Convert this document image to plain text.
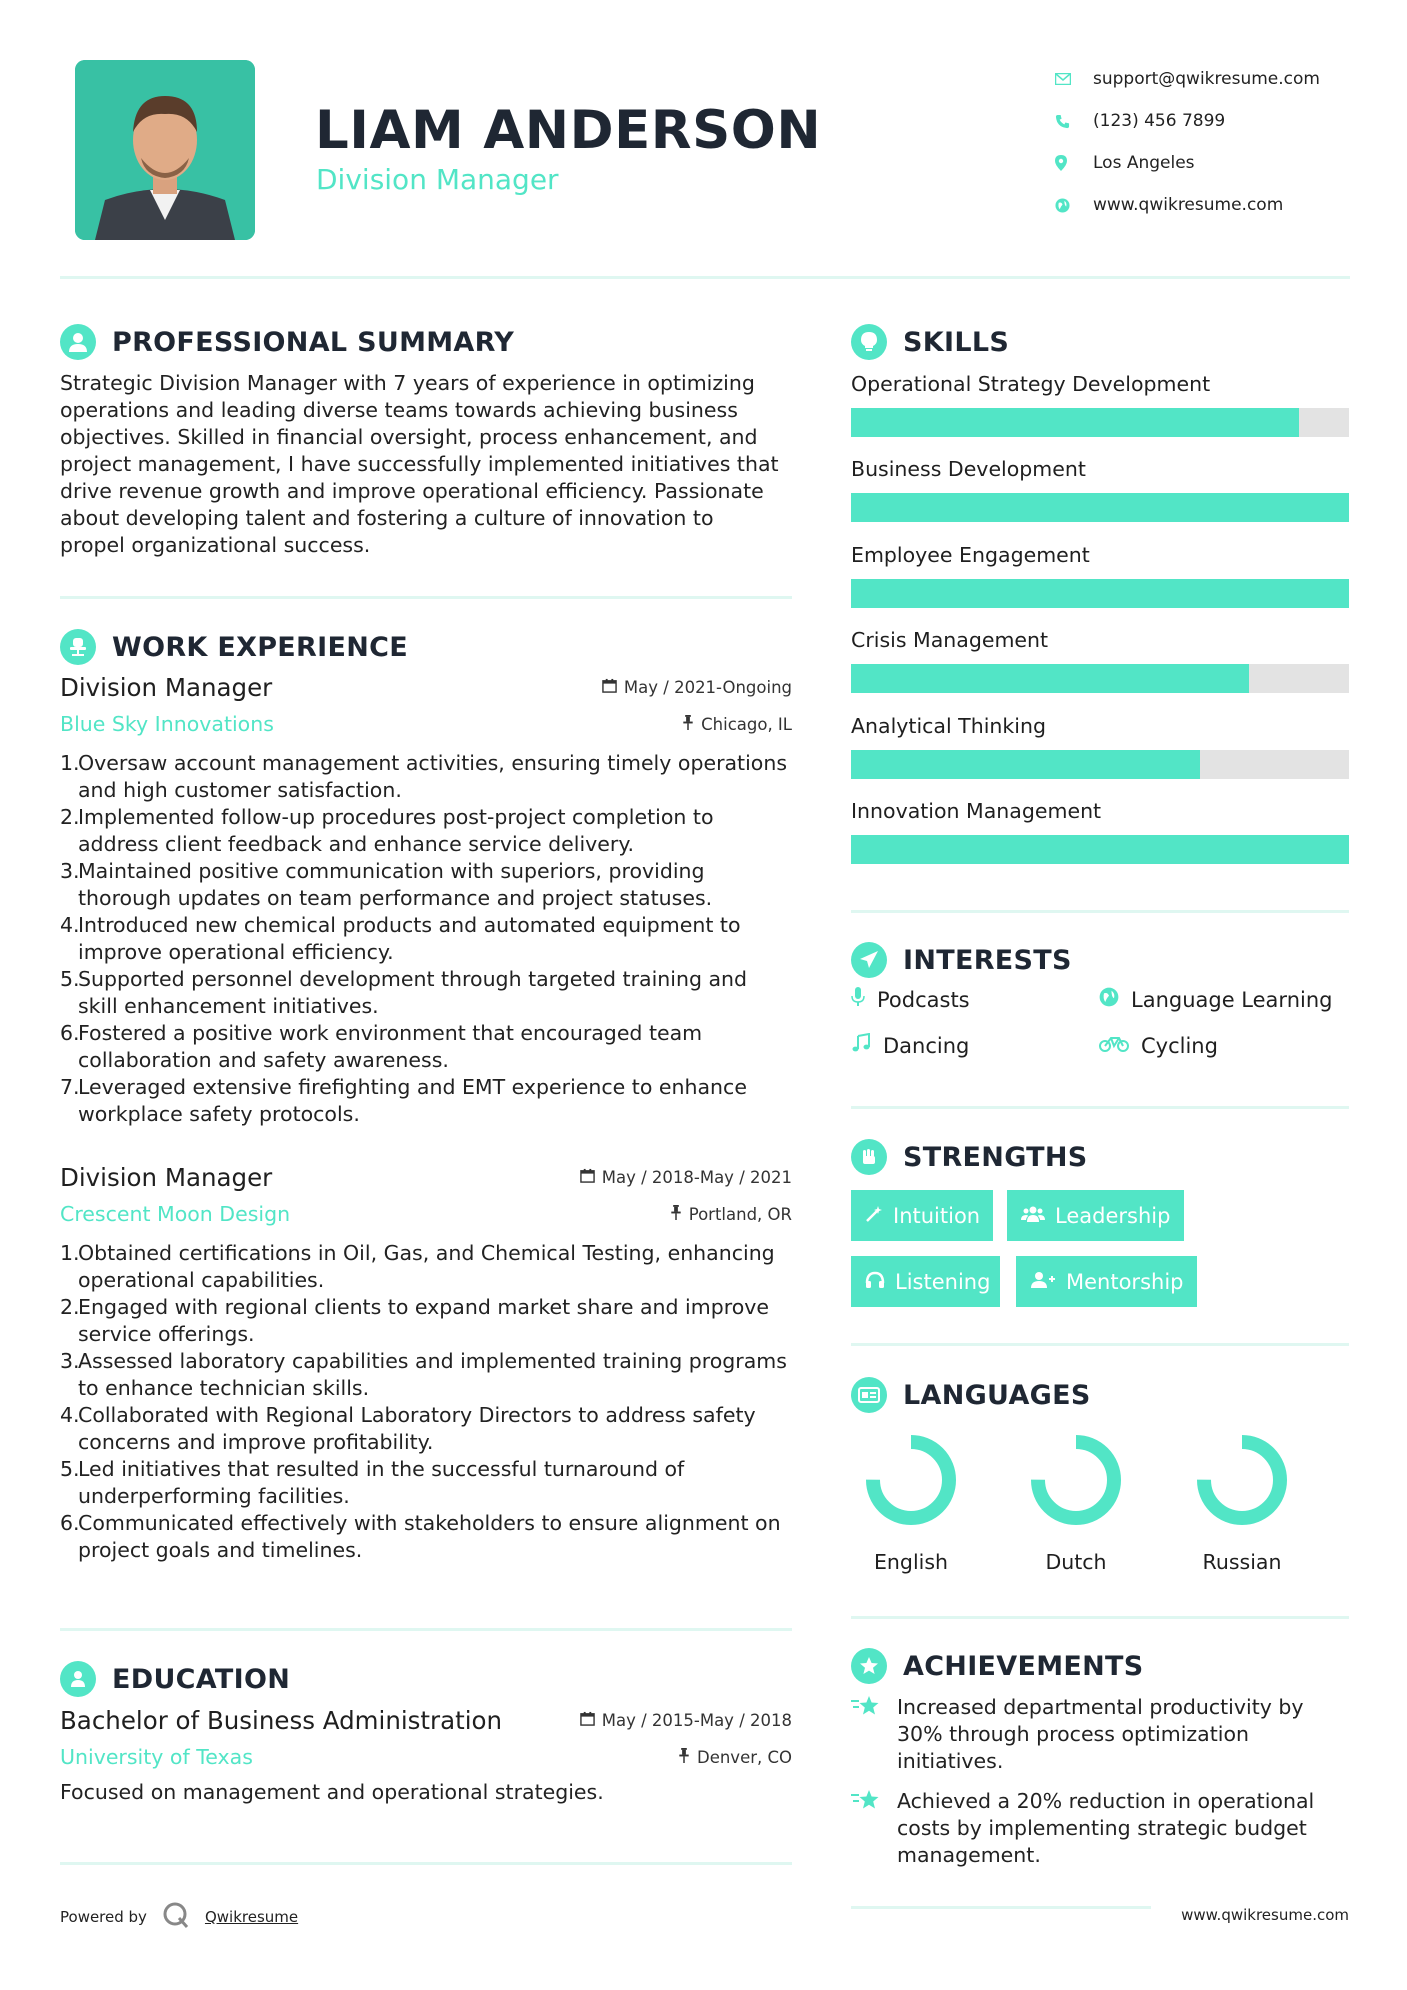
LIAM ANDERSON
Division Manager
support@qwikresume.com
(123) 456 7899
Los Angeles
www.qwikresume.com
PROFESSIONAL SUMMARY
Strategic Division Manager with 7 years of experience in optimizing operations and leading diverse teams towards achieving business objectives. Skilled in financial oversight, process enhancement, and project management, I have successfully implemented initiatives that drive revenue growth and improve operational efficiency. Passionate about developing talent and fostering a culture of innovation to propel organizational success.
WORK EXPERIENCE
Division Manager	May / 2021-Ongoing
Blue Sky Innovations	Chicago, IL
1.Oversaw account management activities, ensuring timely operations and high customer satisfaction.
2.Implemented follow-up procedures post-project completion to address client feedback and enhance service delivery.
3.Maintained positive communication with superiors, providing thorough updates on team performance and project statuses.
4.Introduced new chemical products and automated equipment to improve operational efficiency.
5.Supported personnel development through targeted training and skill enhancement initiatives.
6.Fostered a positive work environment that encouraged team collaboration and safety awareness.
7.Leveraged extensive firefighting and EMT experience to enhance workplace safety protocols.
Division Manager	May / 2018-May / 2021
Crescent Moon Design	Portland, OR
1.Obtained certifications in Oil, Gas, and Chemical Testing, enhancing operational capabilities.
2.Engaged with regional clients to expand market share and improve service offerings.
3.Assessed laboratory capabilities and implemented training programs to enhance technician skills.
4.Collaborated with Regional Laboratory Directors to address safety concerns and improve profitability.
5.Led initiatives that resulted in the successful turnaround of underperforming facilities.
6.Communicated effectively with stakeholders to ensure alignment on project goals and timelines.
EDUCATION
Bachelor of Business Administration	May / 2015-May / 2018
University of Texas	Denver, CO
Focused on management and operational strategies.
SKILLS
Operational Strategy Development
Business Development
Employee Engagement
Crisis Management
Analytical Thinking
Innovation Management
INTERESTS
Podcasts	Language Learning
Dancing	Cycling
STRENGTHS
Intuition	Leadership
Listening	Mentorship
LANGUAGES
English	Dutch	Russian
ACHIEVEMENTS
Increased departmental productivity by 30% through process optimization initiatives.
Achieved a 20% reduction in operational costs by implementing strategic budget management.
Powered by	Qwikresume	www.qwikresume.com
